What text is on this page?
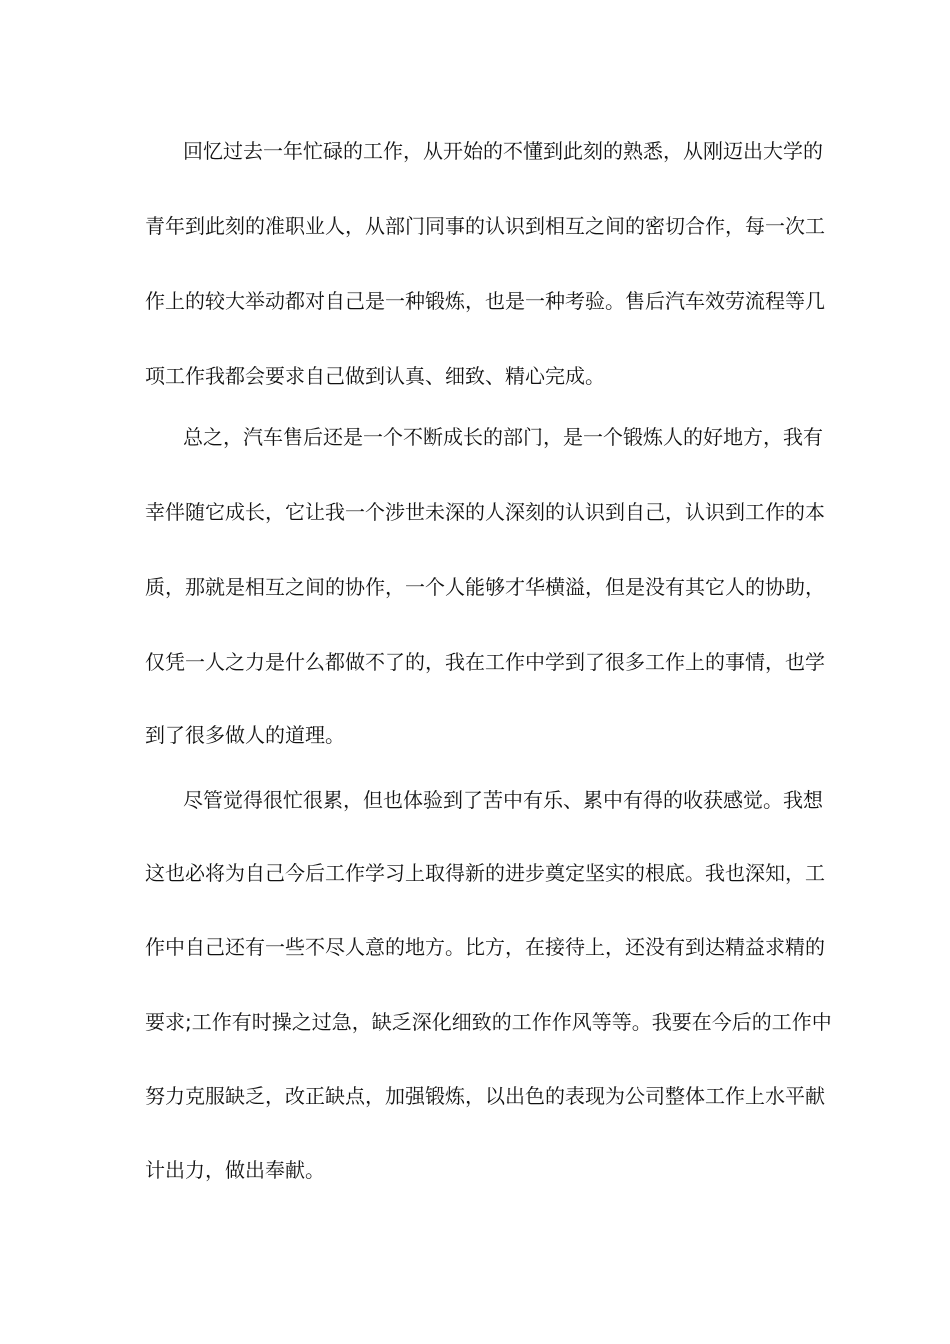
回忆过去一年忙碌的工作，从开始的不懂到此刻的熟悉，从刚迈出大学的
青年到此刻的准职业人，从部门同事的认识到相互之间的密切合作，每一次工
作上的较大举动都对自己是一种锻炼，也是一种考验。售后汽车效劳流程等几
项工作我都会要求自己做到认真、细致、精心完成。
总之，汽车售后还是一个不断成长的部门，是一个锻炼人的好地方，我有
幸伴随它成长，它让我一个涉世未深的人深刻的认识到自己，认识到工作的本
质，那就是相互之间的协作，一个人能够才华横溢，但是没有其它人的协助，
仅凭一人之力是什么都做不了的，我在工作中学到了很多工作上的事情，也学
到了很多做人的道理。
尽管觉得很忙很累，但也体验到了苦中有乐、累中有得的收获感觉。我想
这也必将为自己今后工作学习上取得新的进步奠定坚实的根底。我也深知，工
作中自己还有一些不尽人意的地方。比方，在接待上，还没有到达精益求精的
要求;工作有时操之过急，缺乏深化细致的工作作风等等。我要在今后的工作中
努力克服缺乏，改正缺点，加强锻炼，以出色的表现为公司整体工作上水平献
计出力，做出奉献。
